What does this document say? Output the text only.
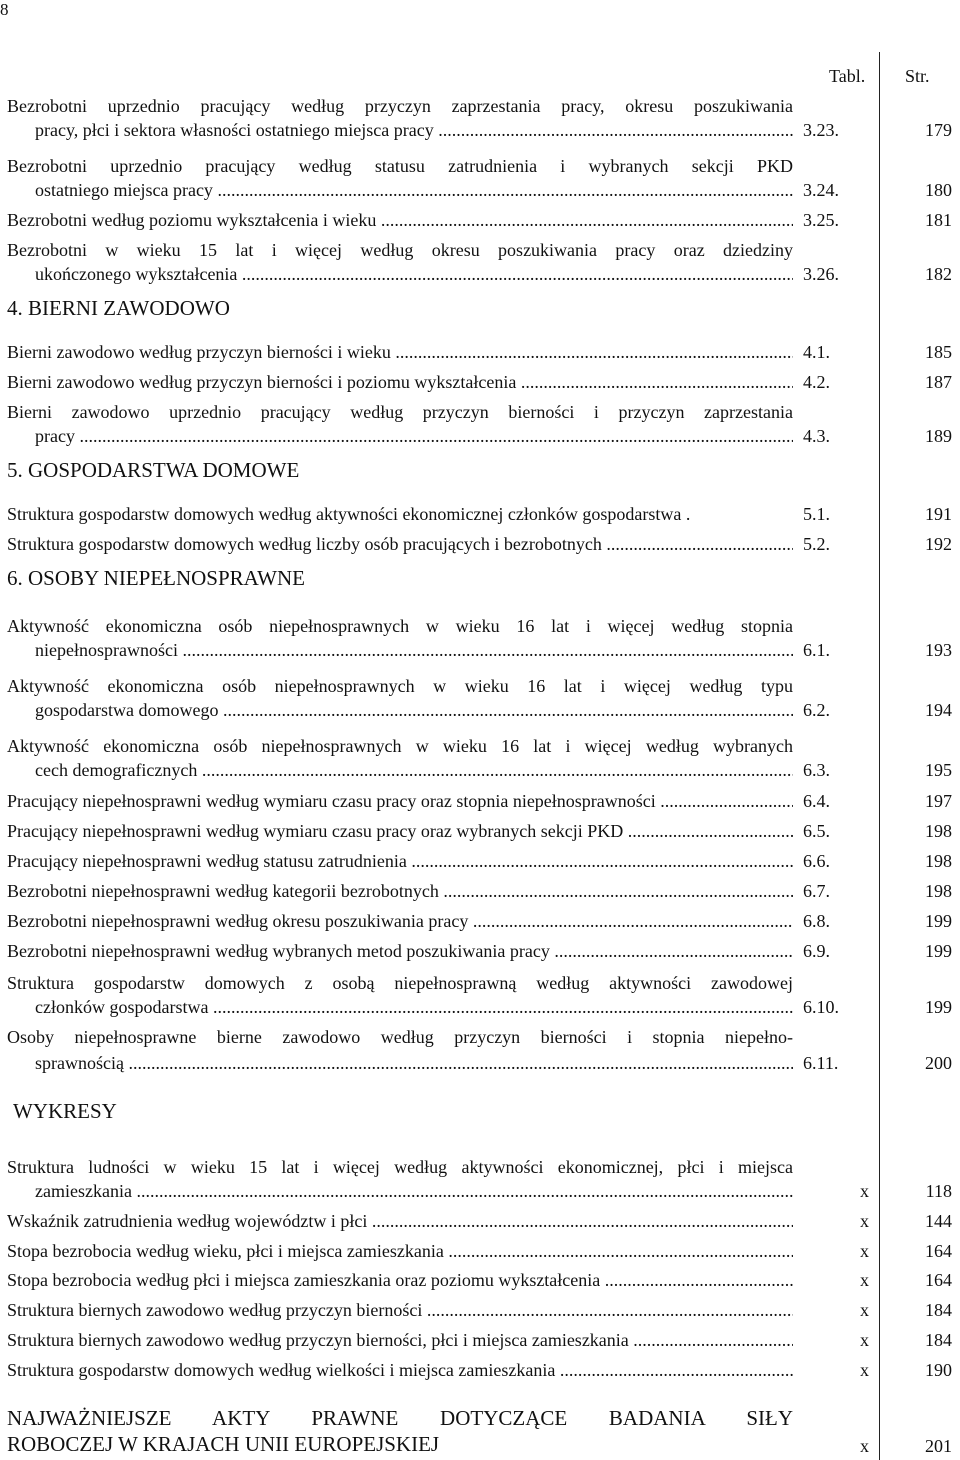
8
Tabl. Str.
Bezrobotni uprzednio pracujący według przyczyn zaprzestania pracy, okresu poszukiwania
pracy, płci i sektora własności ostatniego miejsca pracy .....	3.23.	179
Bezrobotni uprzednio pracujący według statusu zatrudnienia i wybranych sekcji PKD
ostatniego miejsca pracy .....	3.24.	180
Bezrobotni według poziomu wykształcenia i wieku .....	3.25.	181
Bezrobotni w wieku 15 lat i więcej według okresu poszukiwania pracy oraz dziedziny
ukończonego wykształcenia .....	3.26.	182
Bierni zawodowo według przyczyn bierności i wieku .....	4.1.	185
Bierni zawodowo według przyczyn bierności i poziomu wykształcenia .....	4.2.	187
Bierni zawodowo uprzednio pracujący według przyczyn bierności i przyczyn zaprzestania
pracy .....	4.3.	189
Struktura gospodarstw domowych według aktywności ekonomicznej członków gospodarstwa .	5.1.	191
Struktura gospodarstw domowych według liczby osób pracujących i bezrobotnych .....	5.2.	192
Aktywność ekonomiczna osób niepełnosprawnych w wieku 16 lat i więcej według stopnia
niepełnosprawności .....	6.1.	193
Aktywność ekonomiczna osób niepełnosprawnych w wieku 16 lat i więcej według typu
gospodarstwa domowego .....	6.2.	194
Aktywność ekonomiczna osób niepełnosprawnych w wieku 16 lat i więcej według wybranych
cech demograficznych .....	6.3.	195
Pracujący niepełnosprawni według wymiaru czasu pracy oraz stopnia niepełnosprawności .....	6.4.	197
Pracujący niepełnosprawni według wymiaru czasu pracy oraz wybranych sekcji PKD .....	6.5.	198
Pracujący niepełnosprawni według statusu zatrudnienia .....	6.6.	198
Bezrobotni niepełnosprawni według kategorii bezrobotnych .....	6.7.	198
Bezrobotni niepełnosprawni według okresu poszukiwania pracy .....	6.8.	199
Bezrobotni niepełnosprawni według wybranych metod poszukiwania pracy .....	6.9.	199
Struktura gospodarstw domowych z osobą niepełnosprawną według aktywności zawodowej
członków gospodarstwa .....	6.10.	199
Osoby niepełnosprawne bierne zawodowo według przyczyn bierności i stopnia niepełno-
sprawnością .....	6.11.	200
Struktura ludności w wieku 15 lat i więcej według aktywności ekonomicznej, płci i miejsca
zamieszkania .....	x	118
Wskaźnik zatrudnienia według województw i płci .....	x	144
Stopa bezrobocia według wieku, płci i miejsca zamieszkania .....	x	164
Stopa bezrobocia według płci i miejsca zamieszkania oraz poziomu wykształcenia .....	x	164
Struktura biernych zawodowo według przyczyn bierności .....	x	184
Struktura biernych zawodowo według przyczyn bierności, płci i miejsca zamieszkania .....	x	184
Struktura gospodarstw domowych według wielkości i miejsca zamieszkania .....	x	190
4. BIERNI ZAWODOWO
5. GOSPODARSTWA DOMOWE
6. OSOBY NIEPEŁNOSPRAWNE
WYKRESY
NAJWAŻNIEJSZE AKTY PRAWNE DOTYCZĄCE BADANIA SIŁY
ROBOCZEJ W KRAJACH UNII EUROPEJSKIEJ	x	201
